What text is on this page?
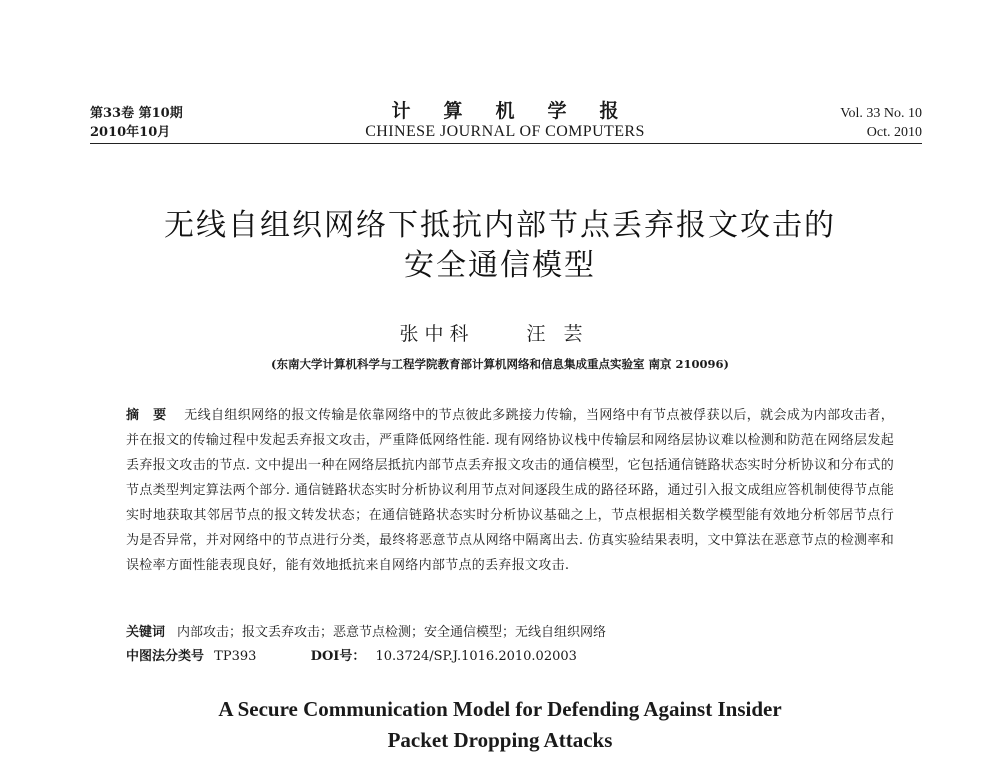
第33卷 第10期
2010年10月
计算机学报
CHINESE JOURNAL OF COMPUTERS
Vol. 33 No. 10
Oct. 2010
无线自组织网络下抵抗内部节点丢弃报文攻击的
安全通信模型
张中科	汪芸
(东南大学计算机科学与工程学院教育部计算机网络和信息集成重点实验室 南京 210096)
摘要 无线自组织网络的报文传输是依靠网络中的节点彼此多跳接力传输，当网络中有节点被俘获以后，就会成为内部攻击者，并在报文的传输过程中发起丢弃报文攻击，严重降低网络性能. 现有网络协议栈中传输层和网络层协议难以检测和防范在网络层发起丢弃报文攻击的节点. 文中提出一种在网络层抵抗内部节点丢弃报文攻击的通信模型，它包括通信链路状态实时分析协议和分布式的节点类型判定算法两个部分. 通信链路状态实时分析协议利用节点对间逐段生成的路径环路，通过引入报文成组应答机制使得节点能实时地获取其邻居节点的报文转发状态；在通信链路状态实时分析协议基础之上，节点根据相关数学模型能有效地分析邻居节点行为是否异常，并对网络中的节点进行分类，最终将恶意节点从网络中隔离出去. 仿真实验结果表明，文中算法在恶意节点的检测率和误检率方面性能表现良好，能有效地抵抗来自网络内部节点的丢弃报文攻击.
关键词 内部攻击；报文丢弃攻击；恶意节点检测；安全通信模型；无线自组织网络
中图法分类号 TP393	DOI号： 10.3724/SP.J.1016.2010.02003
A Secure Communication Model for Defending Against Insider
Packet Dropping Attacks
